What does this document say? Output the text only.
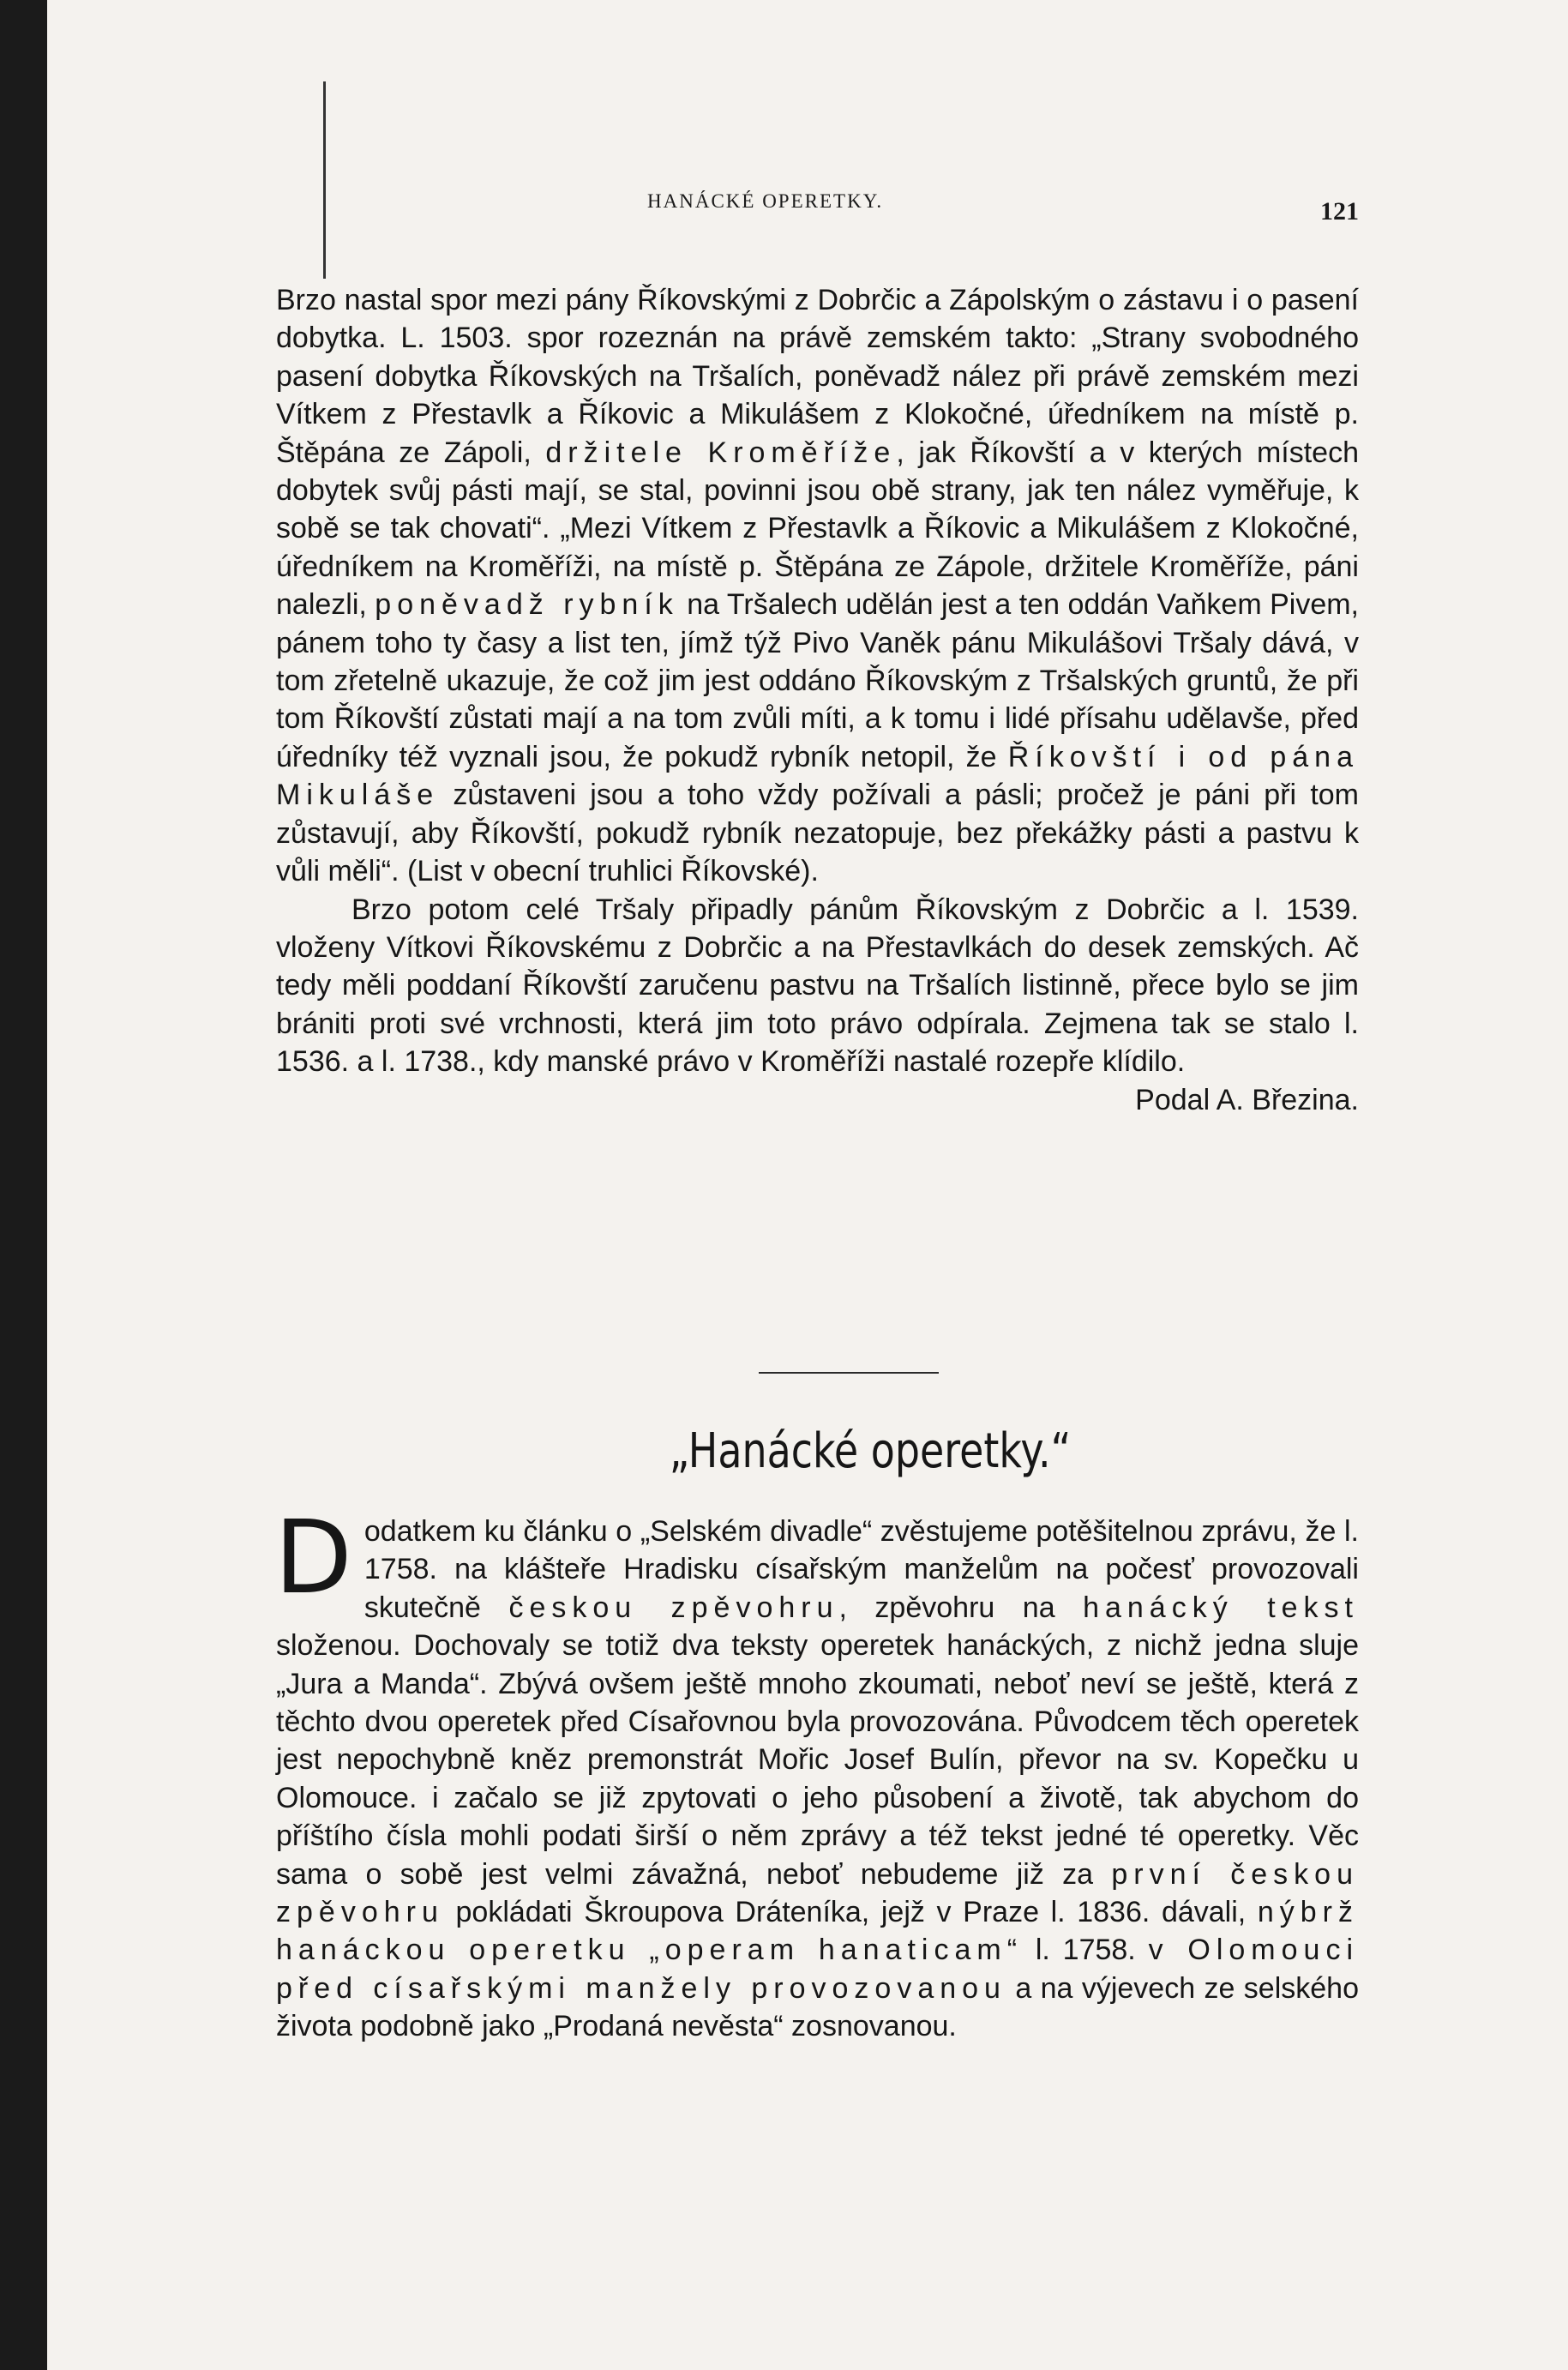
HANÁCKÉ OPERETKY.	121

Brzo nastal spor mezi pány Říkovskými z Dobrčic a Zápolským o zástavu i o pasení dobytka. L. 1503. spor rozeznán na právě zemském takto: „Strany svobodného pasení dobytka Říkovských na Tršalích, poněvadž nález při právě zemském mezi Vítkem z Přestavlk a Říkovic a Mikulášem z Klokočné, úředníkem na místě p. Štěpána ze Zápoli, držitele Kroměříže, jak Říkovští a v kterých místech dobytek svůj pásti mají, se stal, povinni jsou obě strany, jak ten nález vyměřuje, k sobě se tak chovati“. „Mezi Vítkem z Přestavlk a Říkovic a Mikulášem z Klokočné, úředníkem na Kroměříži, na místě p. Štěpána ze Zápole, držitele Kroměříže, páni nalezli, poněvadž rybník na Tršalech udělán jest a ten oddán Vaňkem Pivem, pánem toho ty časy a list ten, jímž týž Pivo Vaněk pánu Mikulášovi Tršaly dává, v tom zřetelně ukazuje, že což jim jest oddáno Říkovským z Tršalských gruntů, že při tom Říkovští zůstati mají a na tom zvůli míti, a k tomu i lidé přísahu udělavše, před úředníky též vyznali jsou, že pokudž rybník netopil, že Říkovští i od pána Mikuláše zůstaveni jsou a toho vždy požívali a pásli; pročež je páni při tom zůstavují, aby Říkovští, pokudž rybník nezatopuje, bez překážky pásti a pastvu k vůli měli“. (List v obecní truhlici Říkovské).

Brzo potom celé Tršaly připadly pánům Říkovským z Dobrčic a l. 1539. vloženy Vítkovi Říkovskému z Dobrčic a na Přestavlkách do desek zemských. Ač tedy měli poddaní Říkovští zaručenu pastvu na Tršalích listinně, přece bylo se jim brániti proti své vrchnosti, která jim toto právo odpírala. Zejmena tak se stalo l. 1536. a l. 1738., kdy manské právo v Kroměříži nastalé rozepře klídilo.
Podal A. Březina.

„Hanácké operetky.“

Dodatkem ku článku o „Selském divadle“ zvěstujeme potěšitelnou zprávu, že l. 1758. na klášteře Hradisku císařským manželům na počesť provozovali skutečně českou zpěvohru, zpěvohru na hanácký tekst složenou. Dochovaly se totiž dva teksty operetek hanáckých, z nichž jedna sluje „Jura a Manda“. Zbývá ovšem ještě mnoho zkoumati, neboť neví se ještě, která z těchto dvou operetek před Císařovnou byla provozována. Původcem těch operetek jest nepochybně kněz premonstrát Mořic Josef Bulín, převor na sv. Kopečku u Olomouce. i začalo se již zpytovati o jeho působení a životě, tak abychom do příštího čísla mohli podati širší o něm zprávy a též tekst jedné té operetky. Věc sama o sobě jest velmi závažná, neboť nebudeme již za první českou zpěvohru pokládati Škroupova Dráteníka, jejž v Praze l. 1836. dávali, nýbrž hanáckou operetku „operam hanaticam“ l. 1758. v Olomouci před císařskými manžely provozovanou a na výjevech ze selského života podobně jako „Prodaná nevěsta“ zosnovanou.
